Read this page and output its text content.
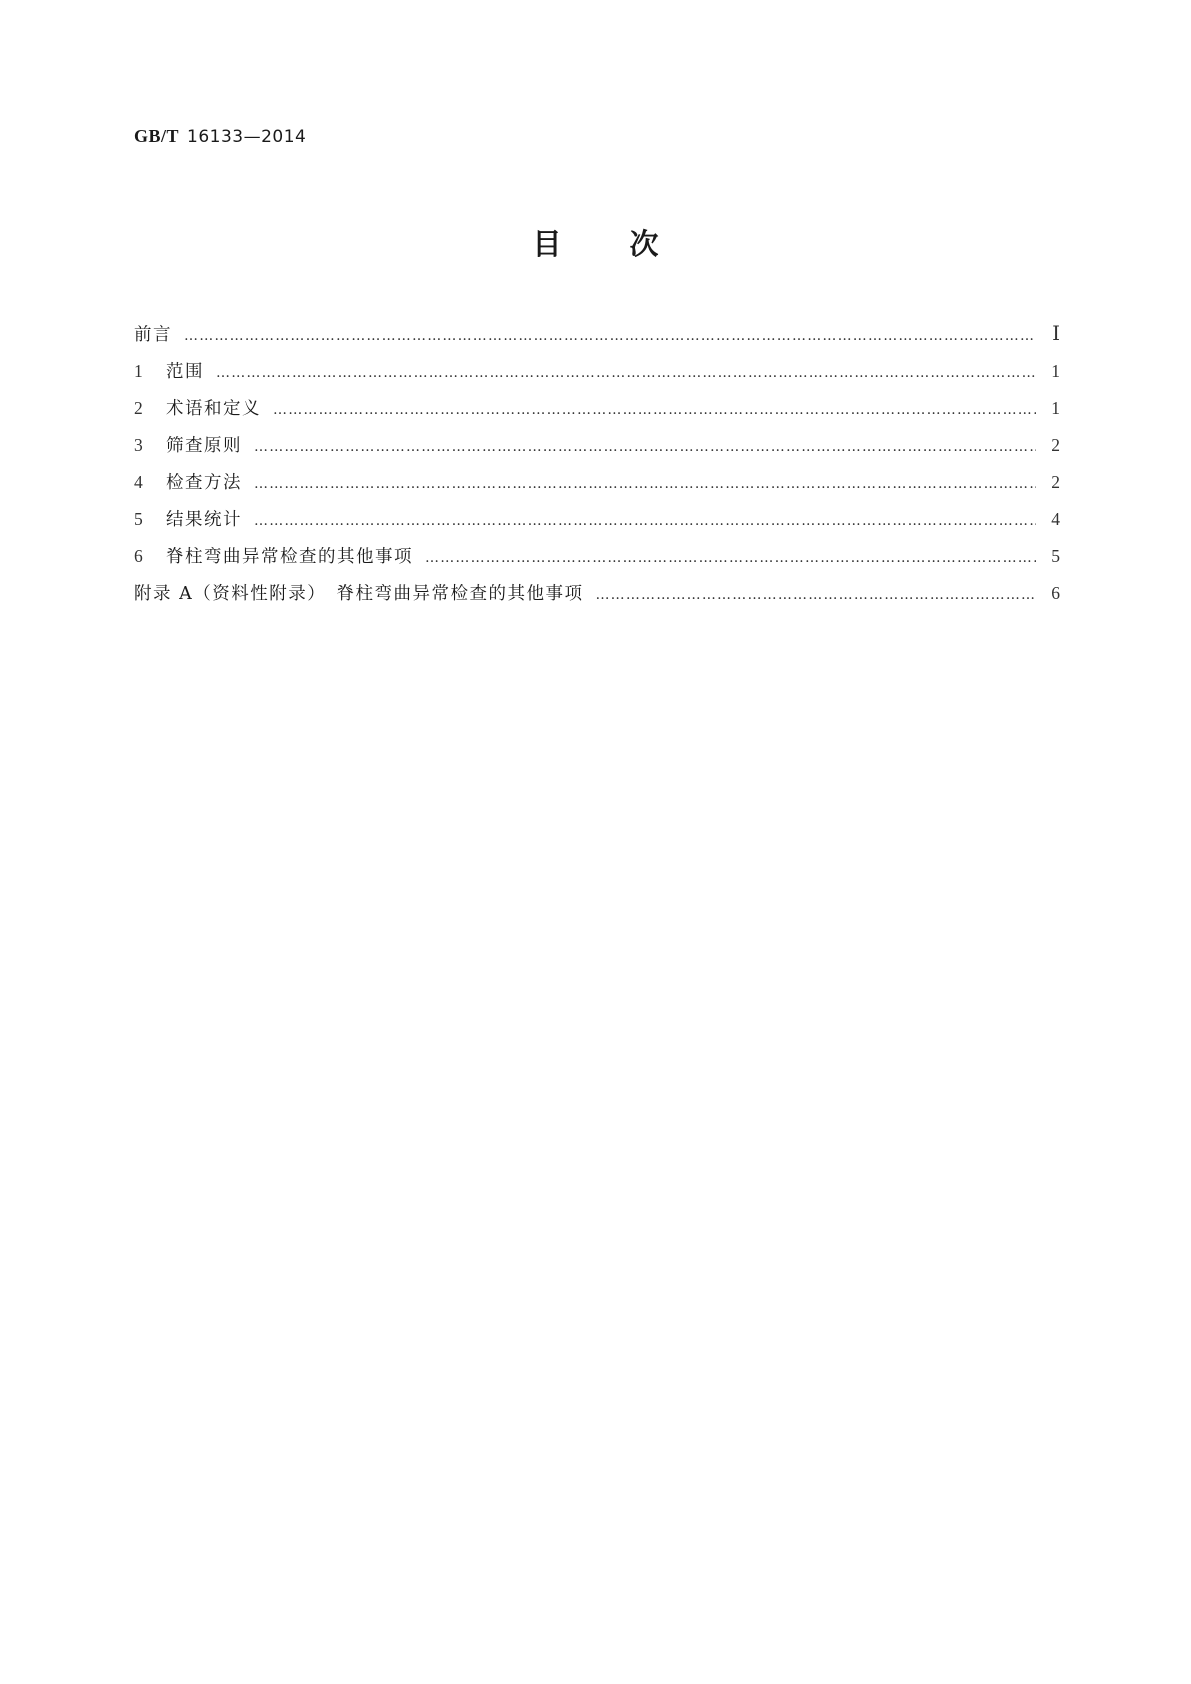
GB/T 16133—2014
目 次
前言 ……………………………………………………………………………………………………………………………………………………………………………………………………………………………………………………	Ⅰ
1	范围 ……………………………………………………………………………………………………………………………………………………………………………………………………………………………………………………	1
2	术语和定义 ……………………………………………………………………………………………………………………………………………………………………………………………………………………………………………………	1
3	筛查原则 ……………………………………………………………………………………………………………………………………………………………………………………………………………………………………………………	2
4	检查方法 ……………………………………………………………………………………………………………………………………………………………………………………………………………………………………………………	2
5	结果统计 ……………………………………………………………………………………………………………………………………………………………………………………………………………………………………………………	4
6	脊柱弯曲异常检查的其他事项 ……………………………………………………………………………………………………………………………………………………………………………………………………………………………………………………	5
附录 A（资料性附录）　脊柱弯曲异常检查的其他事项 ……………………………………………………………………………………………………………………………………………………………………………………………………………………………………………………	6
